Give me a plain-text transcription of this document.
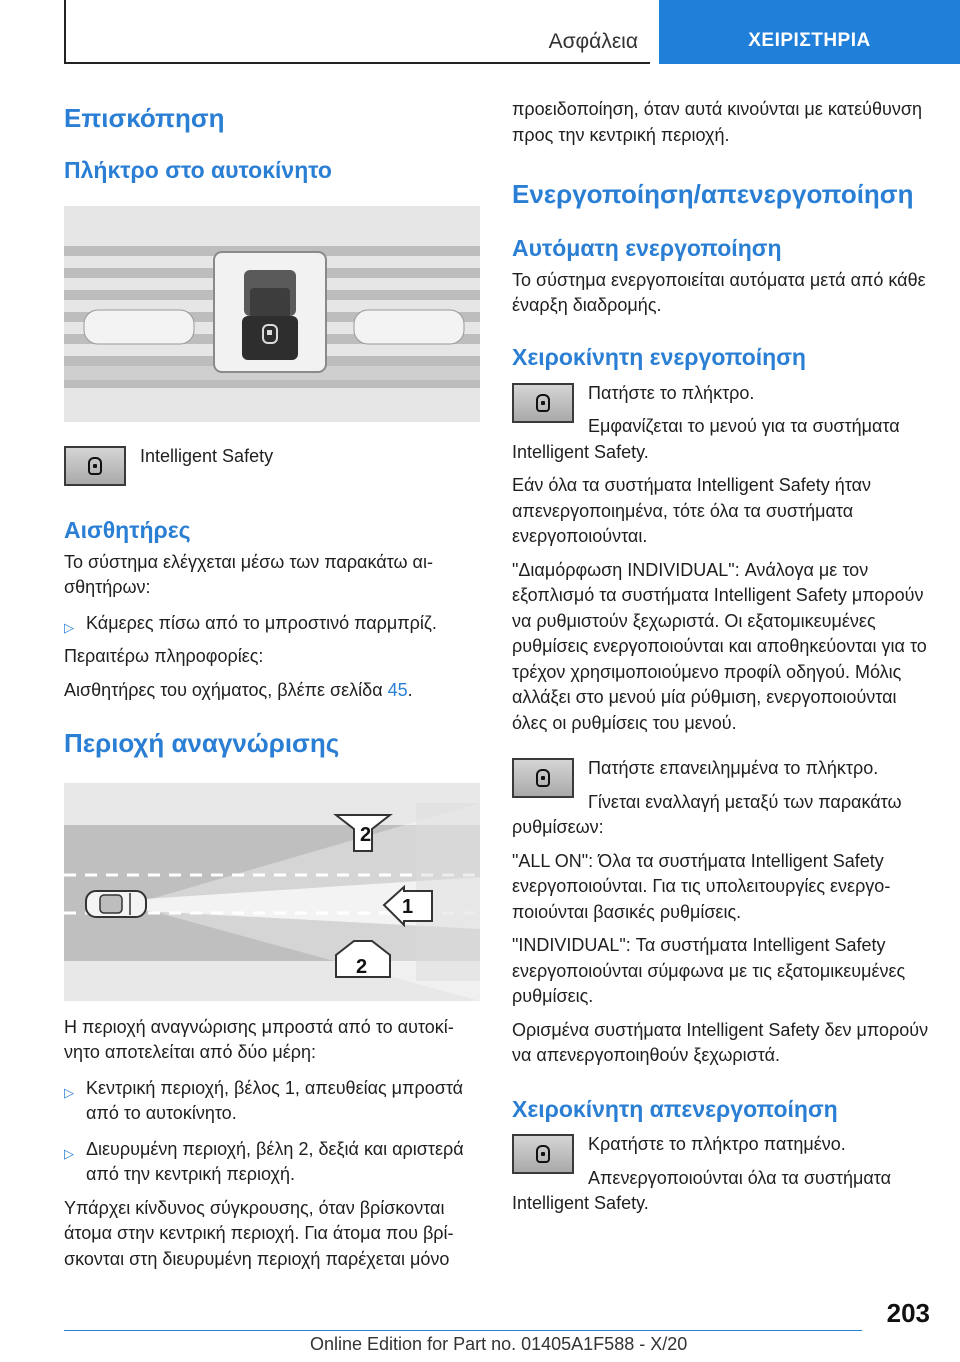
Ασφάλεια	ΧΕΙΡΙΣΤΗΡΙΑ
Επισκόπηση
Πλήκτρο στο αυτοκίνητο

Intelligent Safety

Αισθητήρες

Το σύστημα ελέγχεται μέσω των παρακάτω αισθητήρων:

▷ Κάμερες πίσω από το μπροστινό παρμπρίζ.

Περαιτέρω πληροφορίες:

Αισθητήρες του οχήματος, βλέπε σελίδα 45.

Περιοχή αναγνώρισης
2
1
2

Η περιοχή αναγνώρισης μπροστά από το αυτοκίνητο αποτελείται από δύο μέρη:

▷ Κεντρική περιοχή, βέλος 1, απευθείας μπροστά από το αυτοκίνητο.
▷ Διευρυμένη περιοχή, βέλη 2, δεξιά και αριστερά από την κεντρική περιοχή.

Υπάρχει κίνδυνος σύγκρουσης, όταν βρίσκονται άτομα στην κεντρική περιοχή. Για άτομα που βρίσκονται στη διευρυμένη περιοχή παρέχεται μόνο

προειδοποίηση, όταν αυτά κινούνται με κατεύθυνση προς την κεντρική περιοχή.

Ενεργοποίηση/απενεργοποίηση
Αυτόματη ενεργοποίηση

Το σύστημα ενεργοποιείται αυτόματα μετά από κάθε έναρξη διαδρομής.

Χειροκίνητη ενεργοποίηση

Πατήστε το πλήκτρο.

Εμφανίζεται το μενού για τα συστήματα Intelligent Safety.

Εάν όλα τα συστήματα Intelligent Safety ήταν απενεργοποιημένα, τότε όλα τα συστήματα ενεργοποιούνται.

"Διαμόρφωση INDIVIDUAL": Ανάλογα με τον εξοπλισμό τα συστήματα Intelligent Safety μπορούν να ρυθμιστούν ξεχωριστά. Οι εξατομικευμένες ρυθμίσεις ενεργοποιούνται και αποθηκεύονται για το τρέχον χρησιμοποιούμενο προφίλ οδηγού. Μόλις αλλάξει στο μενού μία ρύθμιση, ενεργοποιούνται όλες οι ρυθμίσεις του μενού.

Πατήστε επανειλημμένα το πλήκτρο.

Γίνεται εναλλαγή μεταξύ των παρακάτω ρυθμίσεων:

"ALL ON": Όλα τα συστήματα Intelligent Safety ενεργοποιούνται. Για τις υπολειτουργίες ενεργοποιούνται βασικές ρυθμίσεις.

"INDIVIDUAL": Τα συστήματα Intelligent Safety ενεργοποιούνται σύμφωνα με τις εξατομικευμένες ρυθμίσεις.

Ορισμένα συστήματα Intelligent Safety δεν μπορούν να απενεργοποιηθούν ξεχωριστά.

Χειροκίνητη απενεργοποίηση

Κρατήστε το πλήκτρο πατημένο.

Απενεργοποιούνται όλα τα συστήματα Intelligent Safety.

203
Online Edition for Part no. 01405A1F588 - X/20
